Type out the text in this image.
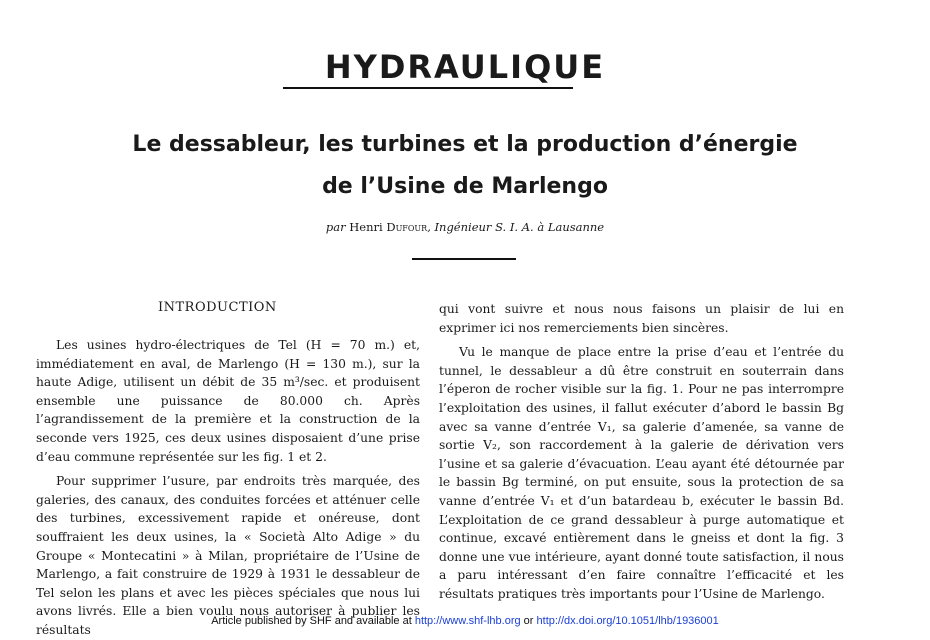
HYDRAULIQUE
Le dessableur, les turbines et la production d’énergie
de l’Usine de Marlengo
par Henri Dufour, Ingénieur S. I. A. à Lausanne
INTRODUCTION

Les usines hydro-électriques de Tel (H = 70 m.) et, immédiatement en aval, de Marlengo (H = 130 m.), sur la haute Adige, utilisent un débit de 35 m³/sec. et produisent ensemble une puissance de 80.000 ch. Après l’agrandissement de la première et la construction de la seconde vers 1925, ces deux usines disposaient d’une prise d’eau commune représentée sur les fig. 1 et 2.

Pour supprimer l’usure, par endroits très marquée, des galeries, des canaux, des conduites forcées et atténuer celle des turbines, excessivement rapide et onéreuse, dont souffraient les deux usines, la « Società Alto Adige » du Groupe « Montecatini » à Milan, propriétaire de l’Usine de Marlengo, a fait construire de 1929 à 1931 le dessableur de Tel selon les plans et avec les pièces spéciales que nous lui avons livrés. Elle a bien voulu nous autoriser à publier les résultats

qui vont suivre et nous nous faisons un plaisir de lui en exprimer ici nos remerciements bien sincères.

Vu le manque de place entre la prise d’eau et l’entrée du tunnel, le dessableur a dû être construit en souterrain dans l’éperon de rocher visible sur la fig. 1. Pour ne pas interrompre l’exploitation des usines, il fallut exécuter d’abord le bassin Bg avec sa vanne d’entrée V₁, sa galerie d’amenée, sa vanne de sortie V₂, son raccordement à la galerie de dérivation vers l’usine et sa galerie d’évacuation. L’eau ayant été détournée par le bassin Bg terminé, on put ensuite, sous la protection de sa vanne d’entrée V₁ et d’un batardeau b, exécuter le bassin Bd. L’exploitation de ce grand dessableur à purge automatique et continue, excavé entièrement dans le gneiss et dont la fig. 3 donne une vue intérieure, ayant donné toute satisfaction, il nous a paru intéressant d’en faire connaître l’efficacité et les résultats pratiques très importants pour l’Usine de Marlengo.

Article published by SHF and available at http://www.shf-lhb.org or http://dx.doi.org/10.1051/lhb/1936001
